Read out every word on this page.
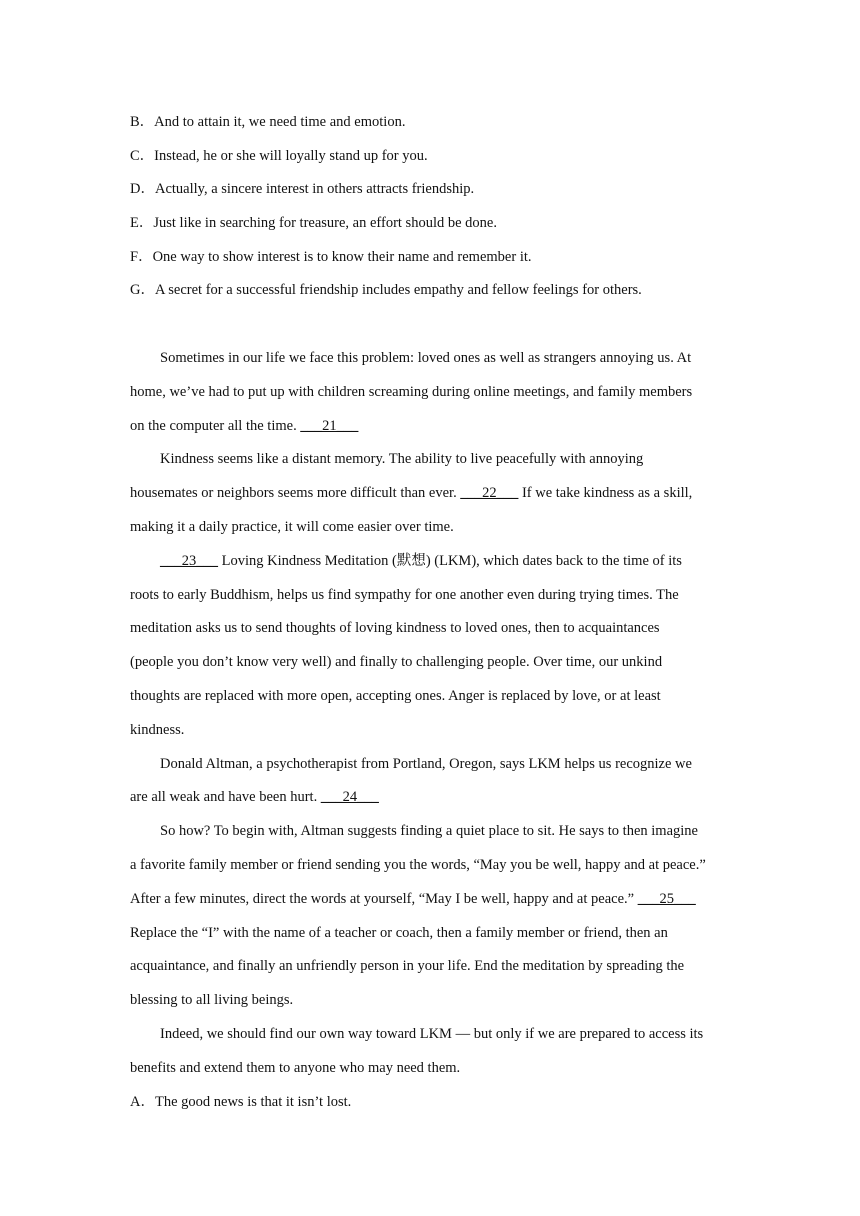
B．And to attain it, we need time and emotion.
C．Instead, he or she will loyally stand up for you.
D．Actually, a sincere interest in others attracts friendship.
E．Just like in searching for treasure, an effort should be done.
F．One way to show interest is to know their name and remember it.
G．A secret for a successful friendship includes empathy and fellow feelings for others.
Sometimes in our life we face this problem: loved ones as well as strangers annoying us. At
home, we’ve had to put up with children screaming during online meetings, and family members
on the computer all the time. ___21___
Kindness seems like a distant memory. The ability to live peacefully with annoying
housemates or neighbors seems more difficult than ever. ___22___ If we take kindness as a skill,
making it a daily practice, it will come easier over time.
___23___ Loving Kindness Meditation (默想) (LKM), which dates back to the time of its
roots to early Buddhism, helps us find sympathy for one another even during trying times. The
meditation asks us to send thoughts of loving kindness to loved ones, then to acquaintances
(people you don’t know very well) and finally to challenging people. Over time, our unkind
thoughts are replaced with more open, accepting ones. Anger is replaced by love, or at least
kindness.
Donald Altman, a psychotherapist from Portland, Oregon, says LKM helps us recognize we
are all weak and have been hurt. ___24___
So how? To begin with, Altman suggests finding a quiet place to sit. He says to then imagine
a favorite family member or friend sending you the words, “May you be well, happy and at peace.”
After a few minutes, direct the words at yourself, “May I be well, happy and at peace.” ___25___
Replace the “I” with the name of a teacher or coach, then a family member or friend, then an
acquaintance, and finally an unfriendly person in your life. End the meditation by spreading the
blessing to all living beings.
Indeed, we should find our own way toward LKM — but only if we are prepared to access its
benefits and extend them to anyone who may need them.
A．The good news is that it isn’t lost.
